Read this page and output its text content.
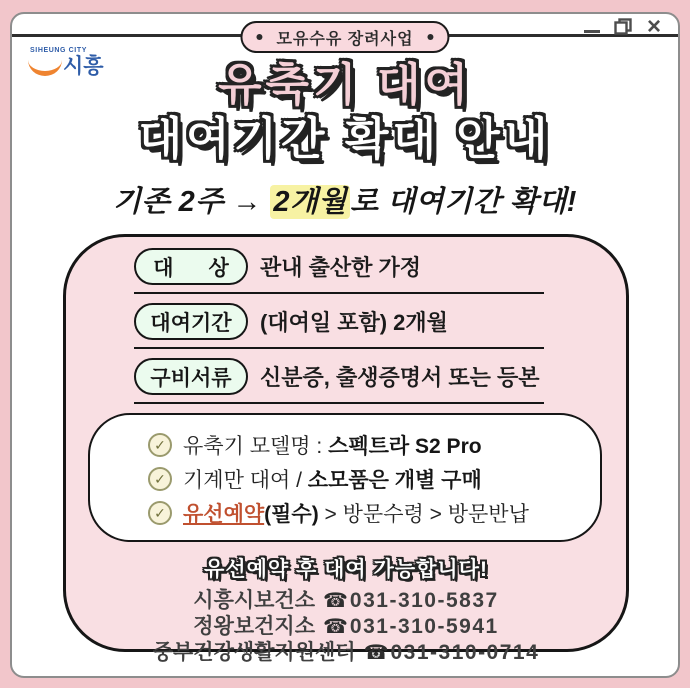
×
모유수유 장려사업
SIHEUNG CITY
시흥	유축기 대여
대여기간 확대 안내
기존 2주 → 2개월 로 대여기간 확대!
대      상 관내 출산한 가정
대여기간 (대여일 포함) 2개월
구비서류 신분증, 출생증명서 또는 등본
✓ 유축기 모델명 : 스펙트라 S2 Pro
✓ 기계만 대여 / 소모품은 개별 구매
✓ 유선예약(필수) > 방문수령 > 방문반납
유선예약 후 대여 가능합니다!
시흥시보건소 ☎031-310-5837
정왕보건지소 ☎031-310-5941
중부건강생활지원센터 ☎031-310-0714
